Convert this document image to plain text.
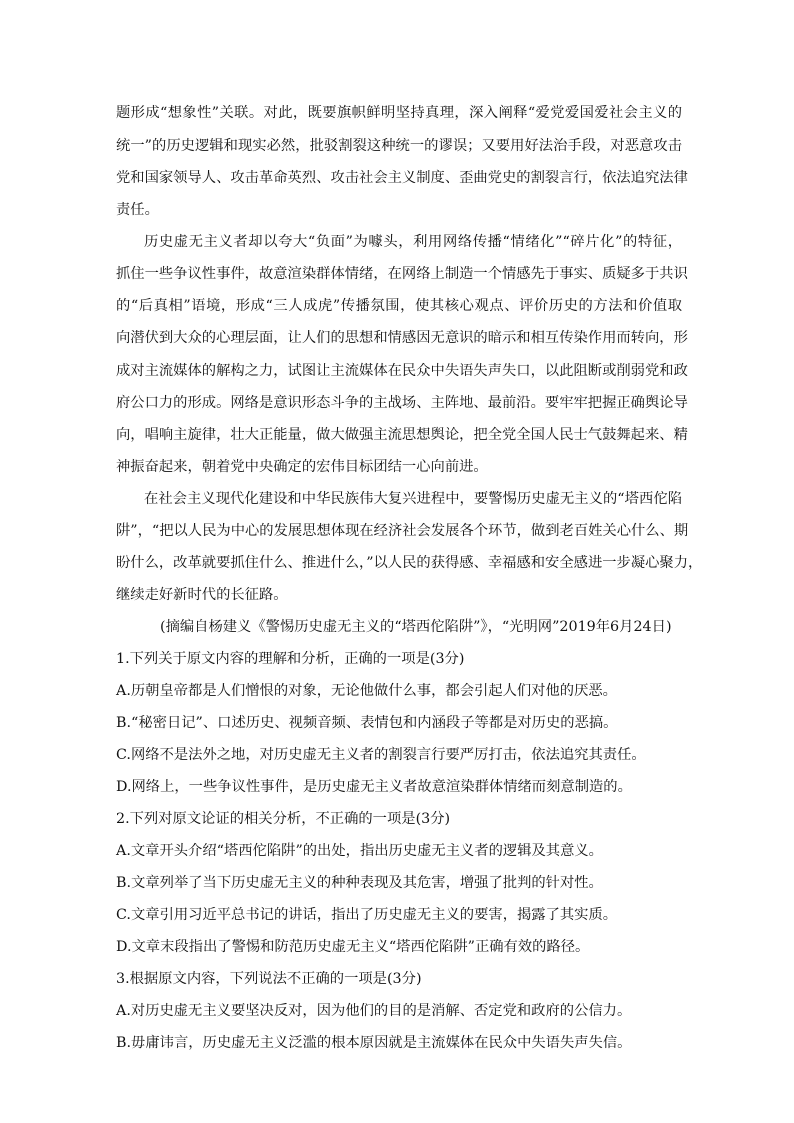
题形成“想象性”关联。对此，既要旗帜鲜明坚持真理，深入阐释“爱党爱国爱社会主义的

统一”的历史逻辑和现实必然，批驳割裂这种统一的谬误；又要用好法治手段，对恶意攻击

党和国家领导人、攻击革命英烈、攻击社会主义制度、歪曲党史的割裂言行，依法追究法律

责任。

历史虚无主义者却以夸大“负面”为噱头，利用网络传播“情绪化”“碎片化”的特征，

抓住一些争议性事件，故意渲染群体情绪，在网络上制造一个情感先于事实、质疑多于共识

的“后真相”语境，形成“三人成虎”传播氛围，使其核心观点、评价历史的方法和价值取

向潜伏到大众的心理层面，让人们的思想和情感因无意识的暗示和相互传染作用而转向，形

成对主流媒体的解构之力，试图让主流媒体在民众中失语失声失口，以此阻断或削弱党和政

府公口力的形成。网络是意识形态斗争的主战场、主阵地、最前沿。要牢牢把握正确舆论导

向，唱响主旋律，壮大正能量，做大做强主流思想舆论，把全党全国人民士气鼓舞起来、精

神振奋起来，朝着党中央确定的宏伟目标团结一心向前进。

在社会主义现代化建设和中华民族伟大复兴进程中，要警惕历史虚无主义的“塔西佗陷

阱”，“把以人民为中心的发展思想体现在经济社会发展各个环节，做到老百姓关心什么、期

盼什么，改革就要抓住什么、推进什么，”以人民的获得感、幸福感和安全感进一步凝心聚力，

继续走好新时代的长征路。

(摘编自杨建义《警惕历史虚无主义的“塔西佗陷阱”》，“光明网”2019年6月24日)

1.下列关于原文内容的理解和分析，正确的一项是(3分)

A.历朝皇帝都是人们憎恨的对象，无论他做什么事，都会引起人们对他的厌恶。

B.“秘密日记”、口述历史、视频音频、表情包和内涵段子等都是对历史的恶搞。

C.网络不是法外之地，对历史虚无主义者的割裂言行要严厉打击，依法追究其责任。

D.网络上，一些争议性事件，是历史虚无主义者故意渲染群体情绪而刻意制造的。

2.下列对原文论证的相关分析，不正确的一项是(3分)

A.文章开头介绍“塔西佗陷阱”的出处，指出历史虚无主义者的逻辑及其意义。

B.文章列举了当下历史虚无主义的种种表现及其危害，增强了批判的针对性。

C.文章引用习近平总书记的讲话，指出了历史虚无主义的要害，揭露了其实质。

D.文章末段指出了警惕和防范历史虚无主义“塔西佗陷阱”正确有效的路径。

3.根据原文内容，下列说法不正确的一项是(3分)

A.对历史虚无主义要坚决反对，因为他们的目的是消解、否定党和政府的公信力。

B.毋庸讳言，历史虚无主义泛滥的根本原因就是主流媒体在民众中失语失声失信。
